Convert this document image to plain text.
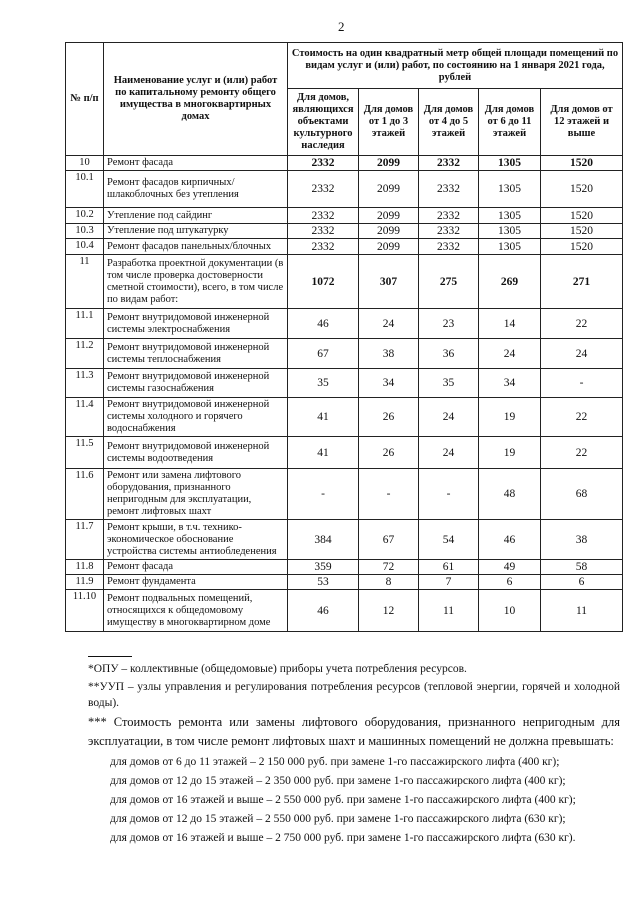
2
№ п/п	Наименование услуг и (или) работ по капитальному ремонту общего имущества в многоквартирных домах	Стоимость на один квадратный метр общей площади помещений по видам услуг и (или) работ, по состоянию на 1 января 2021 года, рублей				
		Для домов, являющихся объектами культурного наследия	Для домов от 1 до 3 этажей	Для домов от 4 до 5 этажей	Для домов от 6 до 11 этажей	Для домов от 12 этажей и выше
10	Ремонт фасада	2332	2099	2332	1305	1520
10.1	Ремонт фасадов кирпичных/шлакоблочных без утепления	2332	2099	2332	1305	1520
10.2	Утепление под сайдинг	2332	2099	2332	1305	1520
10.3	Утепление под штукатурку	2332	2099	2332	1305	1520
10.4	Ремонт фасадов панельных/блочных	2332	2099	2332	1305	1520
11	Разработка проектной документации (в том числе проверка достоверности сметной стоимости), всего, в том числе по видам работ:	1072	307	275	269	271
11.1	Ремонт внутридомовой инженерной системы электроснабжения	46	24	23	14	22
11.2	Ремонт внутридомовой инженерной системы теплоснабжения	67	38	36	24	24
11.3	Ремонт внутридомовой инженерной системы газоснабжения	35	34	35	34	-
11.4	Ремонт внутридомовой инженерной системы холодного и горячего водоснабжения	41	26	24	19	22
11.5	Ремонт внутридомовой инженерной системы водоотведения	41	26	24	19	22
11.6	Ремонт или замена лифтового оборудования, признанного непригодным для эксплуатации, ремонт лифтовых шахт	-	-	-	48	68
11.7	Ремонт крыши, в т.ч. технико-экономическое обоснование устройства системы антиобледенения	384	67	54	46	38
11.8	Ремонт фасада	359	72	61	49	58
11.9	Ремонт фундамента	53	8	7	6	6
11.10	Ремонт подвальных помещений, относящихся к общедомовому имуществу в многоквартирном доме	46	12	11	10	11

*ОПУ – коллективные (общедомовые) приборы учета потребления ресурсов.

**УУП – узлы управления и регулирования потребления ресурсов (тепловой энергии, горячей и холодной воды).

*** Стоимость ремонта или замены лифтового оборудования, признанного непригодным для эксплуатации, в том числе ремонт лифтовых шахт и машинных помещений не должна превышать:

для домов от 6 до 11 этажей – 2 150 000 руб. при замене 1-го пассажирского лифта (400 кг);
для домов от 12 до 15 этажей – 2 350 000 руб. при замене 1-го пассажирского лифта (400 кг);
для домов от 16 этажей и выше – 2 550 000 руб. при замене 1-го пассажирского лифта (400 кг);
для домов от 12 до 15 этажей – 2 550 000 руб. при замене 1-го пассажирского лифта (630 кг);
для домов от 16 этажей и выше – 2 750 000 руб. при замене 1-го пассажирского лифта (630 кг).
